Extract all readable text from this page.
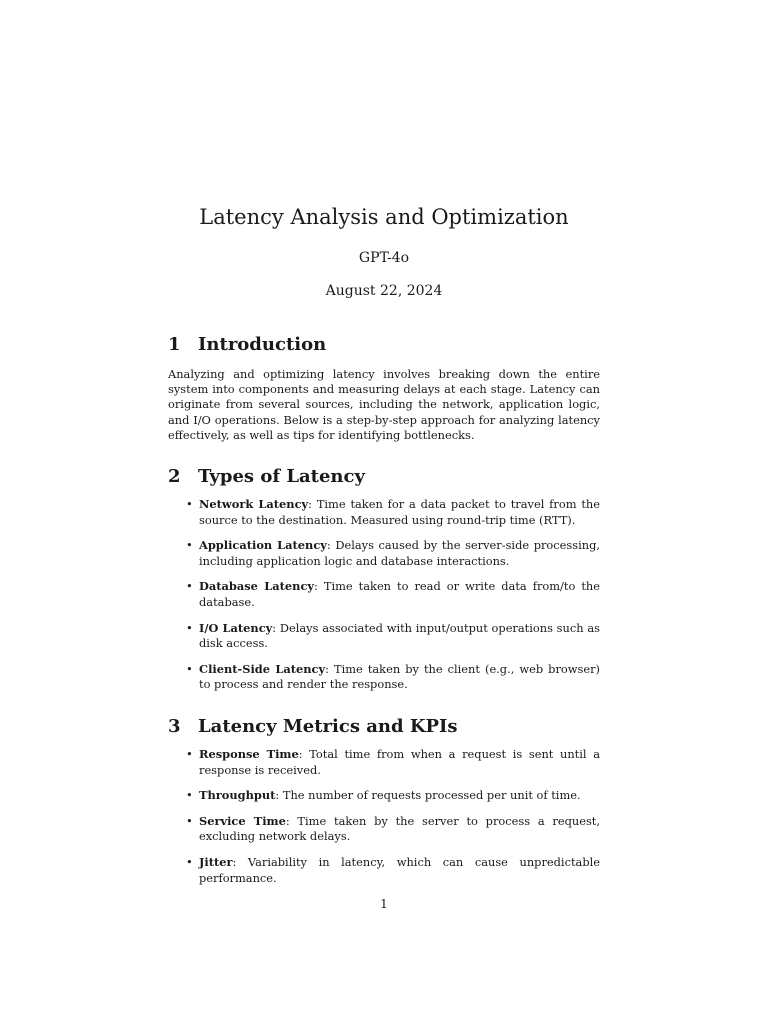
Latency Analysis and Optimization
GPT-4o
August 22, 2024
1 Introduction

Analyzing and optimizing latency involves breaking down the entire system into components and measuring delays at each stage. Latency can originate from several sources, including the network, application logic, and I/O operations. Below is a step-by-step approach for analyzing latency effectively, as well as tips for identifying bottlenecks.

2 Types of Latency
• Network Latency: Time taken for a data packet to travel from the source to the destination. Measured using round-trip time (RTT).
• Application Latency: Delays caused by the server-side processing, including application logic and database interactions.
• Database Latency: Time taken to read or write data from/to the database.
• I/O Latency: Delays associated with input/output operations such as disk access.
• Client-Side Latency: Time taken by the client (e.g., web browser) to process and render the response.
3 Latency Metrics and KPIs
• Response Time: Total time from when a request is sent until a response is received.
• Throughput: The number of requests processed per unit of time.
• Service Time: Time taken by the server to process a request, excluding network delays.
• Jitter: Variability in latency, which can cause unpredictable performance.
1
